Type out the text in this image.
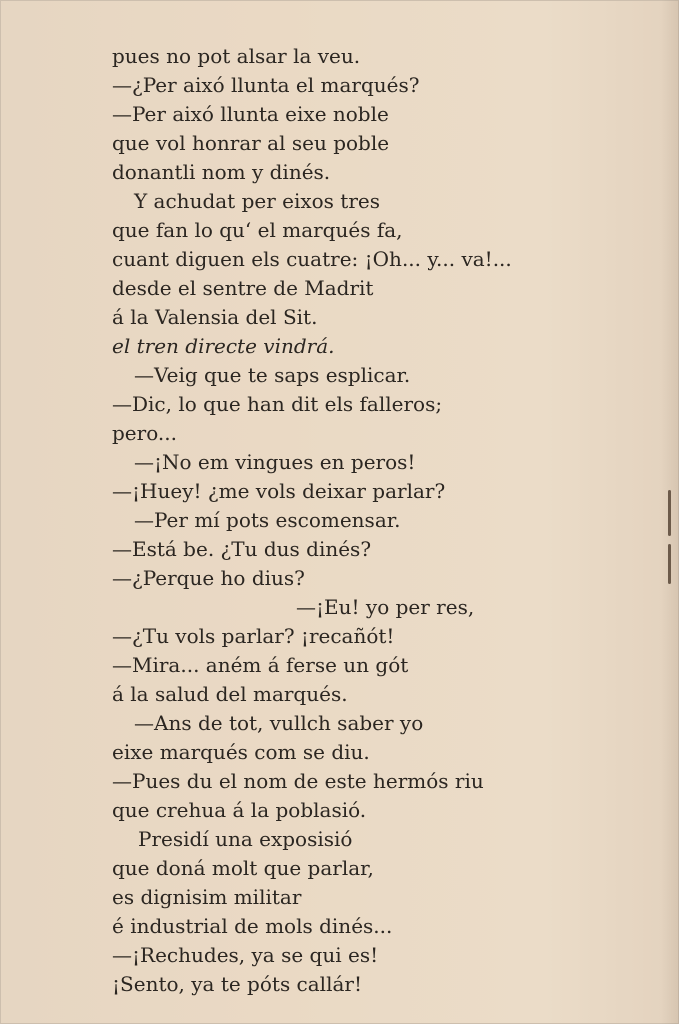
pues no pot alsar la veu.
—¿Per aixó llunta el marqués?
—Per aixó llunta eixe noble
que vol honrar al seu poble
donantli nom y dinés.
Y achudat per eixos tres
que fan lo qu‘ el marqués fa,
cuant diguen els cuatre: ¡Oh... y... va!...
desde el sentre de Madrit
á la Valensia del Sit.
el tren directe vindrá.
—Veig que te saps esplicar.
—Dic, lo que han dit els falleros;
pero...
—¡No em vingues en peros!
—¡Huey! ¿me vols deixar parlar?
—Per mí pots escomensar.
—Está be. ¿Tu dus dinés?
—¿Perque ho dius?
—¡Eu! yo per res,
—¿Tu vols parlar? ¡recañót!
—Mira... aném á ferse un gót
á la salud del marqués.
—Ans de tot, vullch saber yo
eixe marqués com se diu.
—Pues du el nom de este hermós riu
que crehua á la poblasió.
Presidí una exposisió
que doná molt que parlar,
es dignisim militar
é industrial de mols dinés...
—¡Rechudes, ya se qui es!
¡Sento, ya te póts callár!
